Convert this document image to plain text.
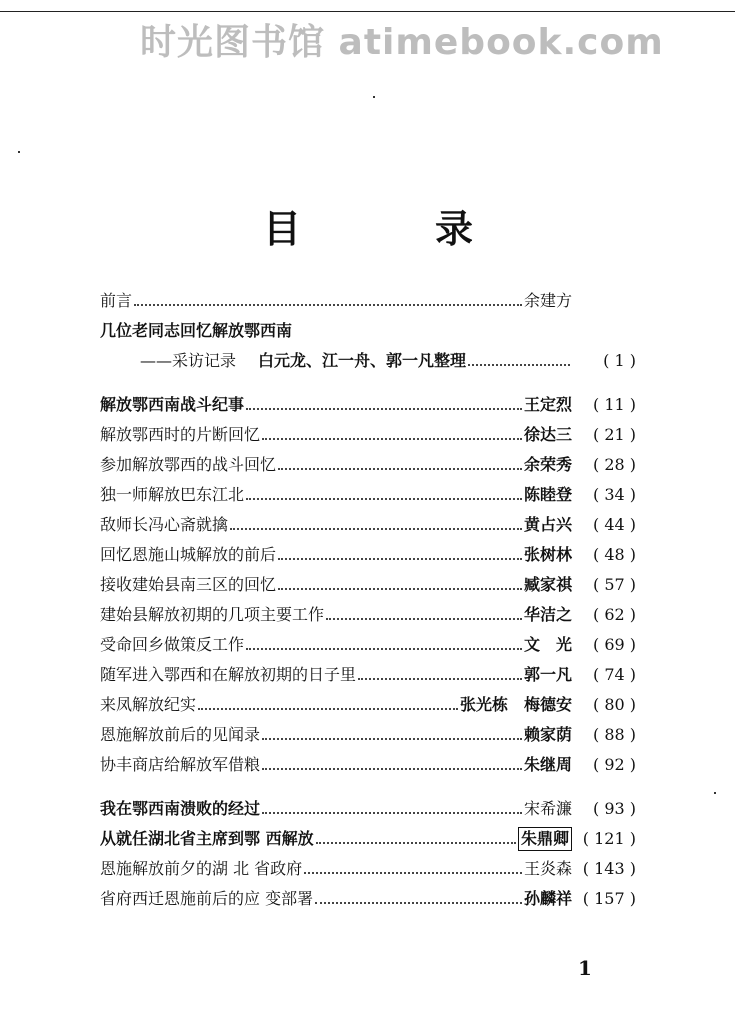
时光图书馆 atimebook.com
目	录
前言	余建方
几位老同志回忆解放鄂西南
——采访记录 白元龙、江一舟、郭一凡整理	( 1 )
解放鄂西南战斗纪事	王定烈	( 11 )
解放鄂西时的片断回忆	徐达三	( 21 )
参加解放鄂西的战斗回忆	余荣秀	( 28 )
独一师解放巴东江北	陈睦登	( 34 )
敌师长冯心斋就擒	黄占兴	( 44 )
回忆恩施山城解放的前后	张树林	( 48 )
接收建始县南三区的回忆	臧家祺	( 57 )
建始县解放初期的几项主要工作	华洁之	( 62 )
受命回乡做策反工作	文　光	( 69 )
随军进入鄂西和在解放初期的日子里	郭一凡	( 74 )
来凤解放纪实	张光栋　梅德安	( 80 )
恩施解放前后的见闻录	赖家荫	( 88 )
协丰商店给解放军借粮	朱继周	( 92 )
我在鄂西南溃败的经过	宋希濂	( 93 )
从就任湖北省主席到鄂 西解放	朱鼎卿 ( 121 )
恩施解放前夕的湖 北 省政府	王炎森 ( 143 )
省府西迁恩施前后的应 变部署	孙麟祥 ( 157 )
1
